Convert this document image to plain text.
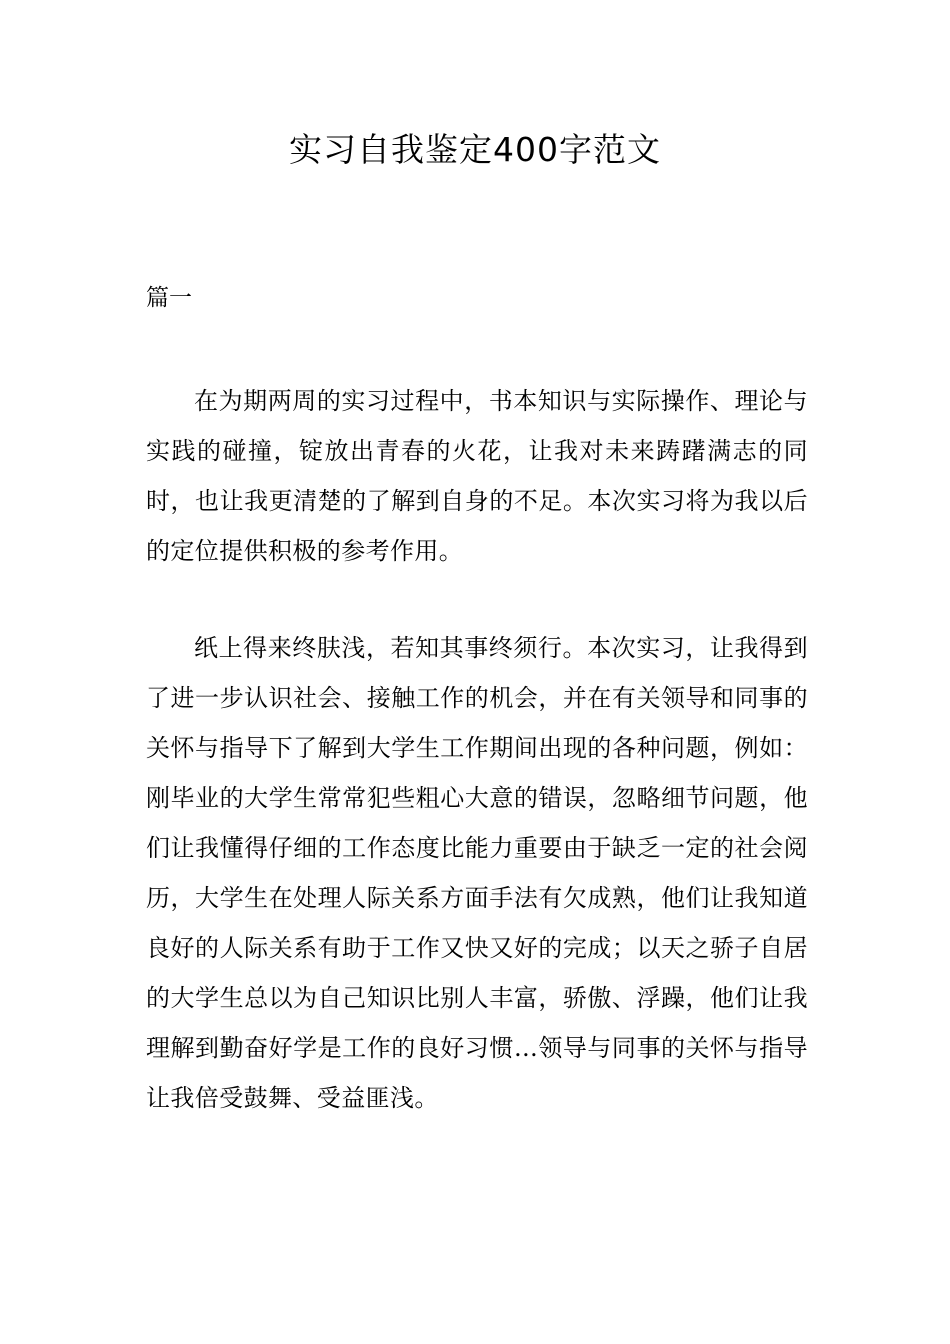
实习自我鉴定400字范文

篇一

在为期两周的实习过程中，书本知识与实际操作、理论与实践的碰撞，锭放出青春的火花，让我对未来踌躇满志的同时，也让我更清楚的了解到自身的不足。本次实习将为我以后的定位提供积极的参考作用。

纸上得来终肤浅，若知其事终须行。本次实习，让我得到了进一步认识社会、接触工作的机会，并在有关领导和同事的关怀与指导下了解到大学生工作期间出现的各种问题，例如：刚毕业的大学生常常犯些粗心大意的错误，忽略细节问题，他们让我懂得仔细的工作态度比能力重要由于缺乏一定的社会阅历，大学生在处理人际关系方面手法有欠成熟，他们让我知道良好的人际关系有助于工作又快又好的完成；以天之骄子自居的大学生总以为自己知识比别人丰富，骄傲、浮躁，他们让我理解到勤奋好学是工作的良好习惯…领导与同事的关怀与指导让我倍受鼓舞、受益匪浅。
